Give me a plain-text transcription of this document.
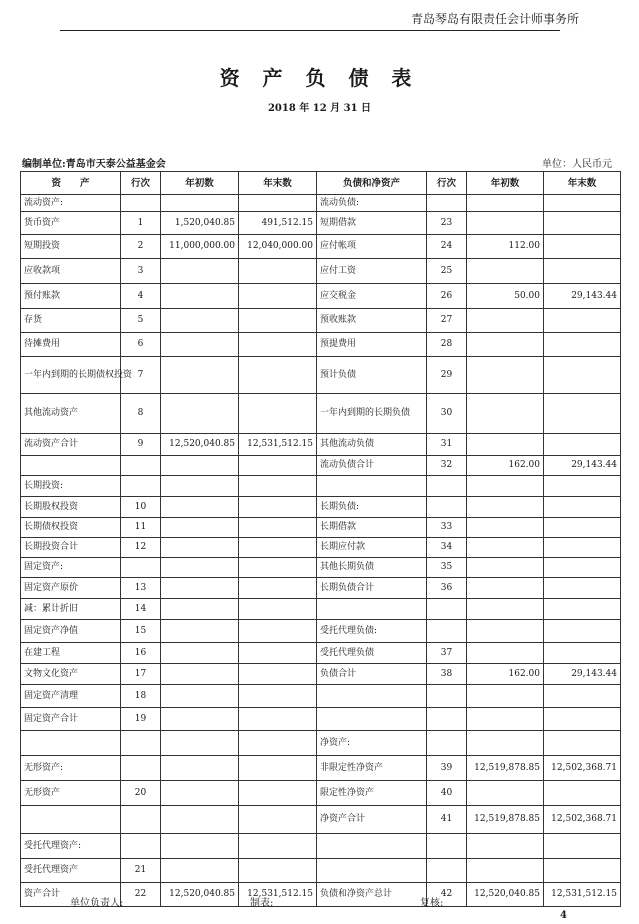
青岛琴岛有限责任会计师事务所
资 产 负 债 表
2018 年 12 月 31 日
编制单位:青岛市天泰公益基金会	单位：人民币元
资　　产	行次	年初数	年末数	负债和净资产	行次	年初数	年末数
流动资产:				流动负债:			
货币资产	1	1,520,040.85	491,512.15	短期借款	23		
短期投资	2	11,000,000.00	12,040,000.00	应付帐项	24	112.00	
应收款项	3			应付工资	25		
预付账款	4			应交税金	26	50.00	29,143.44
存货	5			预收账款	27		
待摊费用	6			预提费用	28		
一年内到期的长期债权投资	7			预计负债	29		
其他流动资产	8			一年内到期的长期负债	30		
流动资产合计	9	12,520,040.85	12,531,512.15	其他流动负债	31		
				流动负债合计	32	162.00	29,143.44
长期投资:							
长期股权投资	10			长期负债:			
长期债权投资	11			长期借款	33		
长期投资合计	12			长期应付款	34		
固定资产:				其他长期负债	35		
固定资产原价	13			长期负债合计	36		
减：累计折旧	14						
固定资产净值	15			受托代理负债:			
在建工程	16			受托代理负债	37		
文物文化资产	17			负债合计	38	162.00	29,143.44
固定资产清理	18						
固定资产合计	19						
				净资产:			
无形资产:				非限定性净资产	39	12,519,878.85	12,502,368.71
无形资产	20			限定性净资产	40		
				净资产合计	41	12,519,878.85	12,502,368.71
受托代理资产:							
受托代理资产	21						
资产合计	22	12,520,040.85	12,531,512.15	负债和净资产总计	42	12,520,040.85	12,531,512.15
单位负责人:	制表:	复核:
4
